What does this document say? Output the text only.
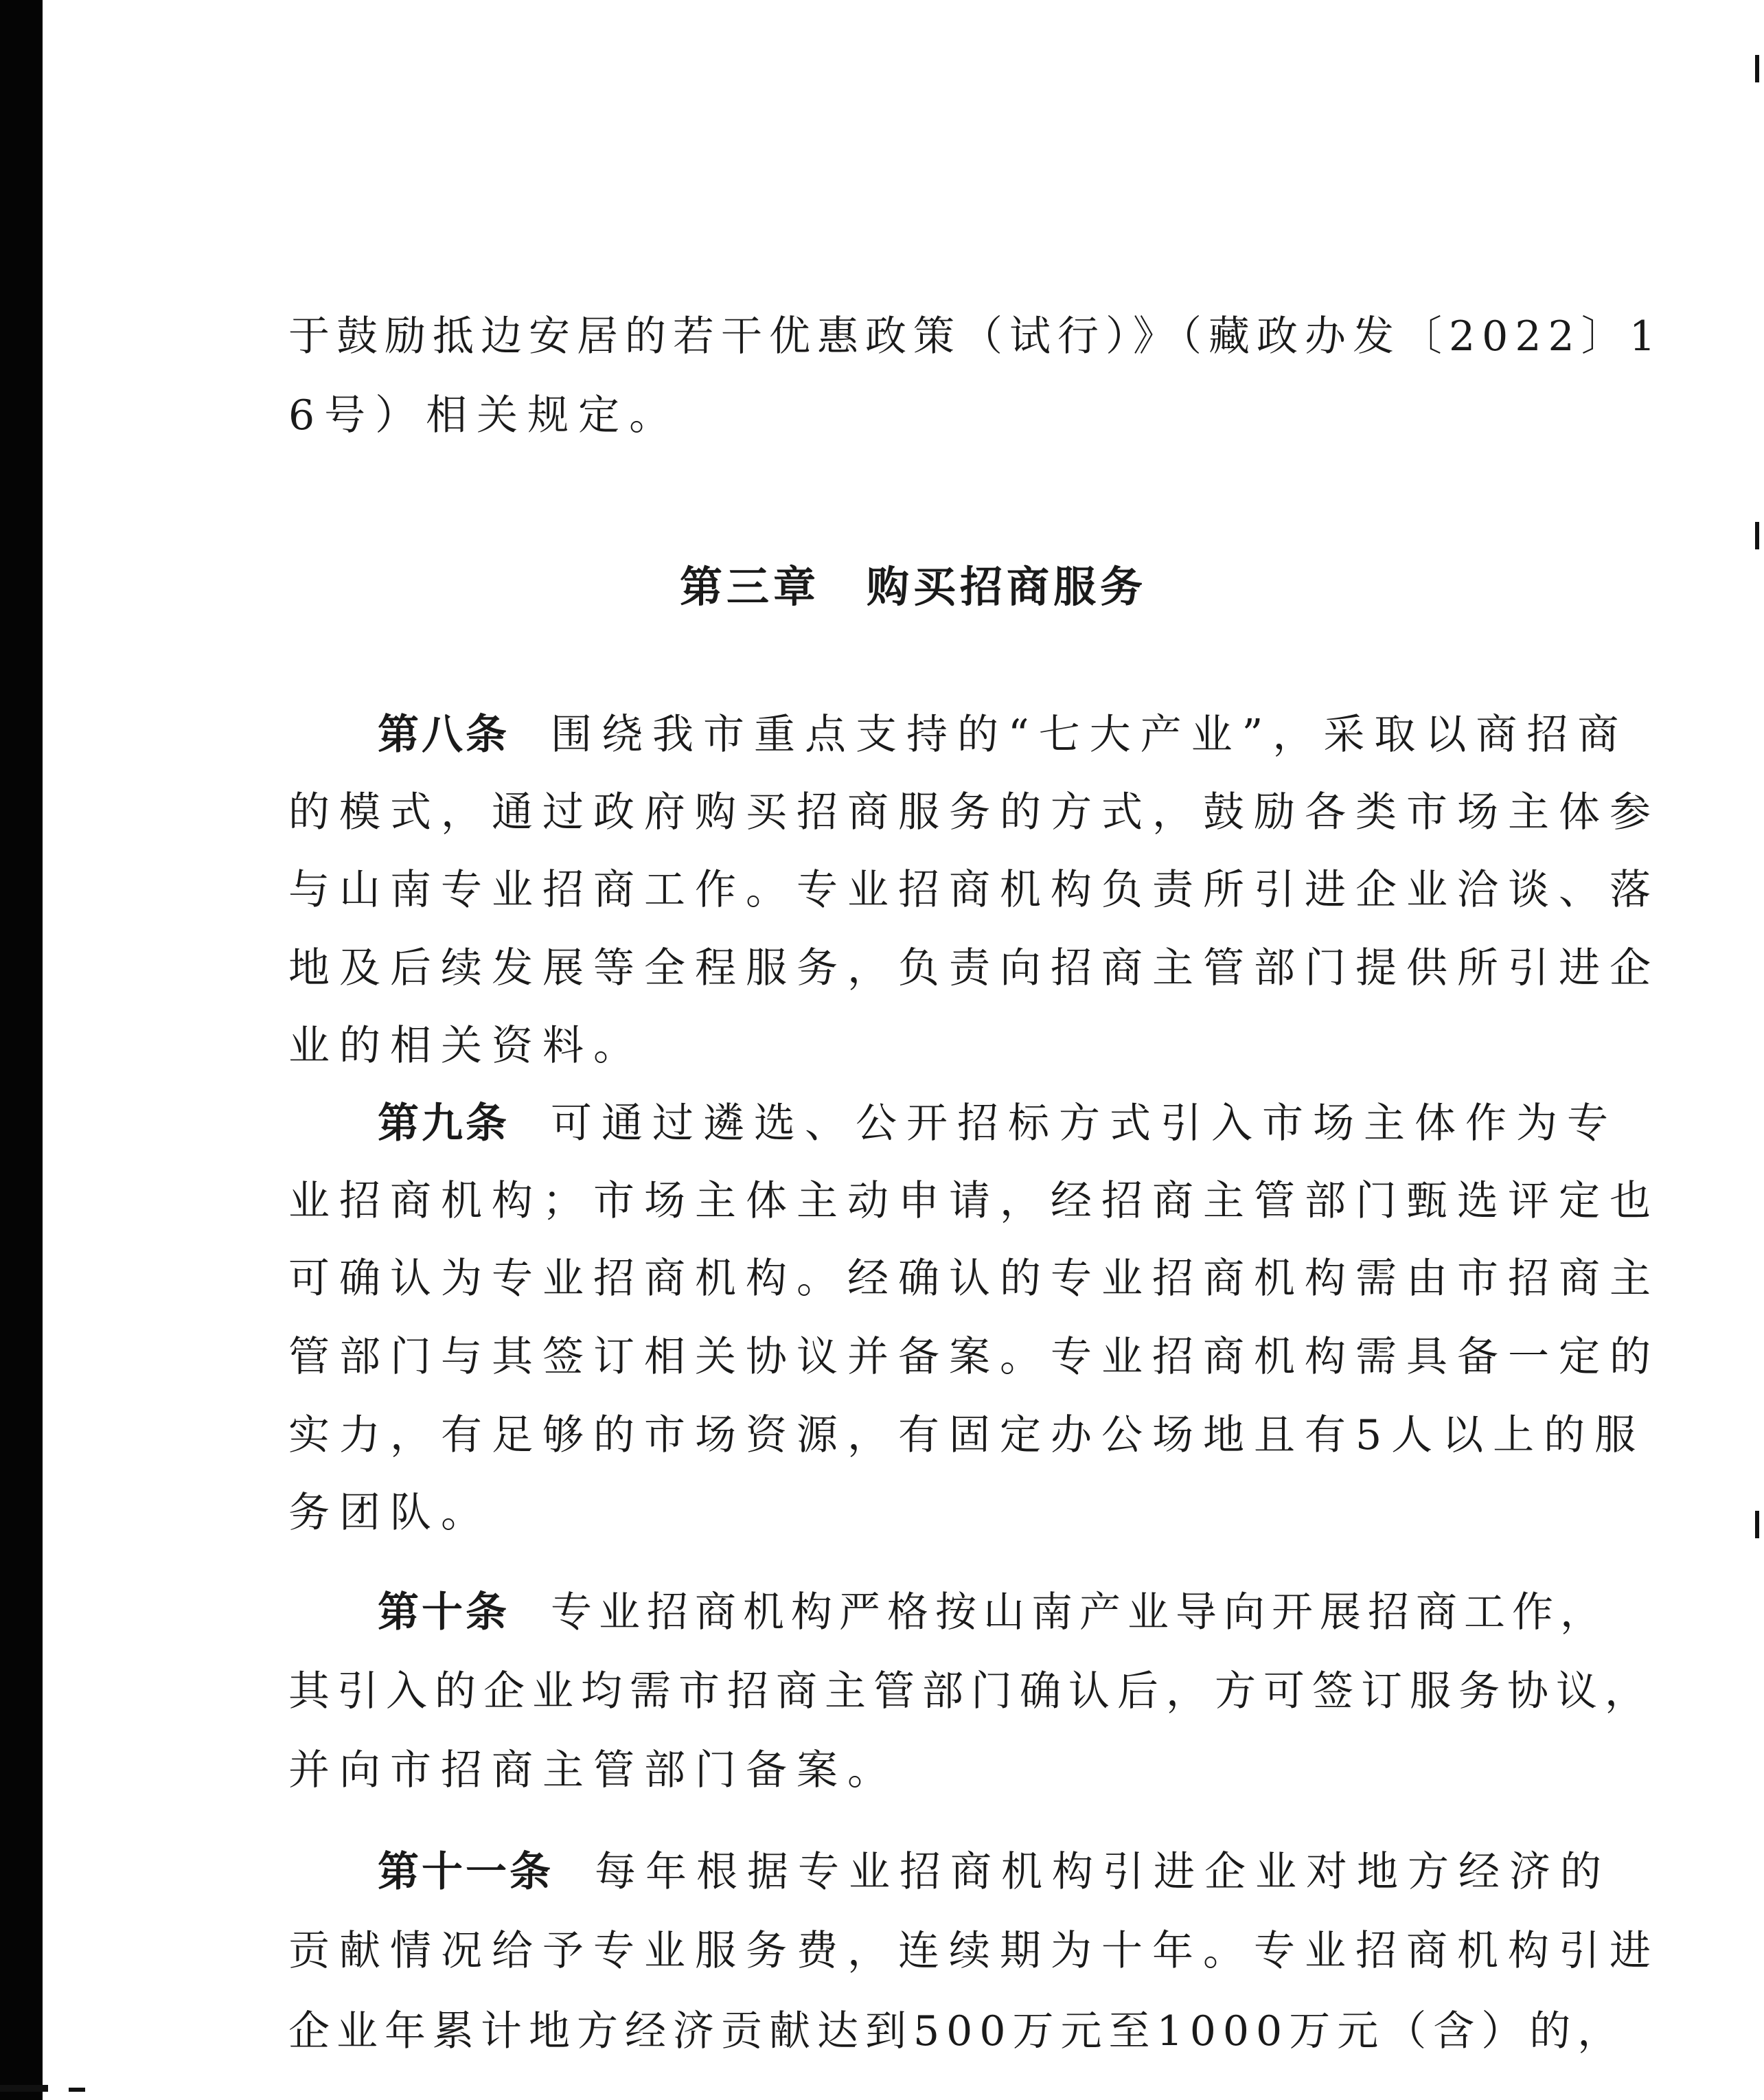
于鼓励抵边安居的若干优惠政策（试行）》（藏政办发〔2022〕1
6号）相关规定。
第三章　购买招商服务
第八条 围绕我市重点支持的“七大产业”，采取以商招商
的模式，通过政府购买招商服务的方式，鼓励各类市场主体参
与山南专业招商工作。专业招商机构负责所引进企业洽谈、落
地及后续发展等全程服务，负责向招商主管部门提供所引进企
业的相关资料。
第九条 可通过遴选、公开招标方式引入市场主体作为专
业招商机构；市场主体主动申请，经招商主管部门甄选评定也
可确认为专业招商机构。经确认的专业招商机构需由市招商主
管部门与其签订相关协议并备案。专业招商机构需具备一定的
实力，有足够的市场资源，有固定办公场地且有5人以上的服
务团队。
第十条 专业招商机构严格按山南产业导向开展招商工作，
其引入的企业均需市招商主管部门确认后，方可签订服务协议，
并向市招商主管部门备案。
第十一条 每年根据专业招商机构引进企业对地方经济的
贡献情况给予专业服务费，连续期为十年。专业招商机构引进
企业年累计地方经济贡献达到500万元至1000万元（含）的，
